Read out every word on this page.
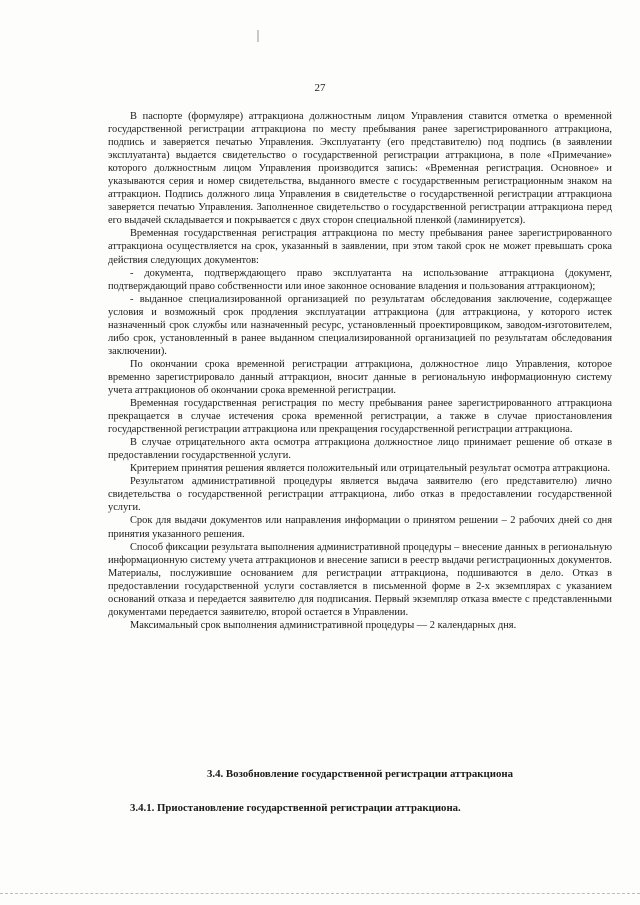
27

В паспорте (формуляре) аттракциона должностным лицом Управления ставится отметка о временной государственной регистрации аттракциона по месту пребывания ранее зарегистрированного аттракциона, подпись и заверяется печатью Управления. Эксплуатанту (его представителю) под подпись (в заявлении эксплуатанта) выдается свидетельство о государственной регистрации аттракциона, в поле «Примечание» которого должностным лицом Управления производится запись: «Временная регистрация. Основное» и указываются серия и номер свидетельства, выданного вместе с государственным регистрационным знаком на аттракцион. Подпись должного лица Управления в свидетельстве о государственной регистрации аттракциона заверяется печатью Управления. Заполненное свидетельство о государственной регистрации аттракциона перед его выдачей складывается и покрывается с двух сторон специальной пленкой (ламинируется).

Временная государственная регистрация аттракциона по месту пребывания ранее зарегистрированного аттракциона осуществляется на срок, указанный в заявлении, при этом такой срок не может превышать срока действия следующих документов:

- документа, подтверждающего право эксплуатанта на использование аттракциона (документ, подтверждающий право собственности или иное законное основание владения и пользования аттракционом);

- выданное специализированной организацией по результатам обследования заключение, содержащее условия и возможный срок продления эксплуатации аттракциона (для аттракциона, у которого истек назначенный срок службы или назначенный ресурс, установленный проектировщиком, заводом-изготовителем, либо срок, установленный в ранее выданном специализированной организацией по результатам обследования заключении).

По окончании срока временной регистрации аттракциона, должностное лицо Управления, которое временно зарегистрировало данный аттракцион, вносит данные в региональную информационную систему учета аттракционов об окончании срока временной регистрации.

Временная государственная регистрация по месту пребывания ранее зарегистрированного аттракциона прекращается в случае истечения срока временной регистрации, а также в случае приостановления государственной регистрации аттракциона или прекращения государственной регистрации аттракциона.

В случае отрицательного акта осмотра аттракциона должностное лицо принимает решение об отказе в предоставлении государственной услуги.

Критерием принятия решения является положительный или отрицательный результат осмотра аттракциона.

Результатом административной процедуры является выдача заявителю (его представителю) лично свидетельства о государственной регистрации аттракциона, либо отказ в предоставлении государственной услуги.

Срок для выдачи документов или направления информации о принятом решении – 2 рабочих дней со дня принятия указанного решения.

Способ фиксации результата выполнения административной процедуры – внесение данных в региональную информационную систему учета аттракционов и внесение записи в реестр выдачи регистрационных документов. Материалы, послужившие основанием для регистрации аттракциона, подшиваются в дело. Отказ в предоставлении государственной услуги составляется в письменной форме в 2-х экземплярах с указанием оснований отказа и передается заявителю для подписания. Первый экземпляр отказа вместе с представленными документами передается заявителю, второй остается в Управлении.

Максимальный срок выполнения административной процедуры — 2 календарных дня.

3.4. Возобновление государственной регистрации аттракциона
3.4.1. Приостановление государственной регистрации аттракциона.
